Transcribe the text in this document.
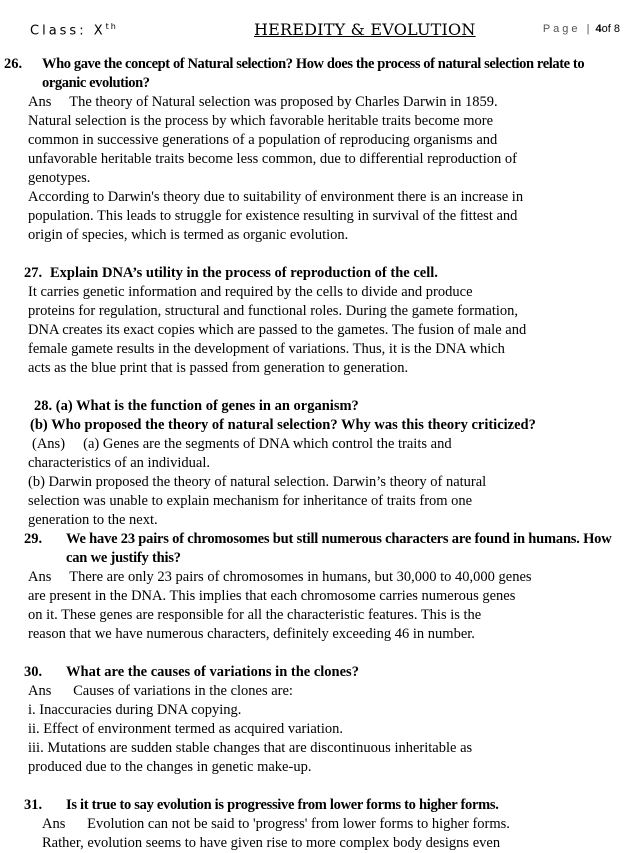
Class: Xth	HEREDITY & EVOLUTION	Page | 4of 8
26.	Who gave the concept of Natural selection? How does the process of natural selection relate to organic evolution?

Ans     The theory of Natural selection was proposed by Charles Darwin in 1859.

Natural selection is the process by which favorable heritable traits become more

common in successive generations of a population of reproducing organisms and

unfavorable heritable traits become less common, due to differential reproduction of

genotypes.

According to Darwin's theory due to suitability of environment there is an increase in

population. This leads to struggle for existence resulting in survival of the fittest and

origin of species, which is termed as organic evolution.

27. Explain DNA’s utility in the process of reproduction of the cell.

It carries genetic information and required by the cells to divide and produce

proteins for regulation, structural and functional roles. During the gamete formation,

DNA creates its exact copies which are passed to the gametes. The fusion of male and

female gamete results in the development of variations. Thus, it is the DNA which

acts as the blue print that is passed from generation to generation.

28. (a) What is the function of genes in an organism?
(b) Who proposed the theory of natural selection? Why was this theory criticized?

(Ans)     (a) Genes are the segments of DNA which control the traits and

characteristics of an individual.

(b) Darwin proposed the theory of natural selection. Darwin’s theory of natural

selection was unable to explain mechanism for inheritance of traits from one

generation to the next.

29.	We have 23 pairs of chromosomes but still numerous characters are found in humans. How can we justify this?

Ans     There are only 23 pairs of chromosomes in humans, but 30,000 to 40,000 genes

are present in the DNA. This implies that each chromosome carries numerous genes

on it. These genes are responsible for all the characteristic features. This is the

reason that we have numerous characters, definitely exceeding 46 in number.

30.	What are the causes of variations in the clones?

Ans      Causes of variations in the clones are:

i. Inaccuracies during DNA copying.

ii. Effect of environment termed as acquired variation.

iii. Mutations are sudden stable changes that are discontinuous inheritable as

produced due to the changes in genetic make-up.

31.	Is it true to say evolution is progressive from lower forms to higher forms.

Ans      Evolution can not be said to 'progress' from lower forms to higher forms.

Rather, evolution seems to have given rise to more complex body designs even
